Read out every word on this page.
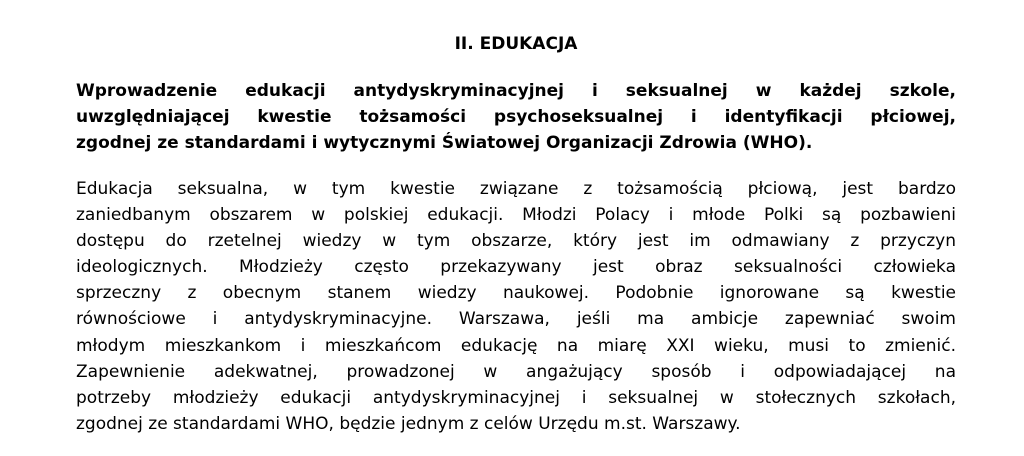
II. EDUKACJA

Wprowadzenie edukacji antydyskryminacyjnej i seksualnej w każdej szkole,
uwzględniającej kwestie tożsamości psychoseksualnej i identyfikacji płciowej,
zgodnej ze standardami i wytycznymi Światowej Organizacji Zdrowia (WHO).

Edukacja seksualna, w tym kwestie związane z tożsamością płciową, jest bardzo
zaniedbanym obszarem w polskiej edukacji. Młodzi Polacy i młode Polki są pozbawieni
dostępu do rzetelnej wiedzy w tym obszarze, który jest im odmawiany z przyczyn
ideologicznych. Młodzieży często przekazywany jest obraz seksualności człowieka
sprzeczny z obecnym stanem wiedzy naukowej. Podobnie ignorowane są kwestie
równościowe i antydyskryminacyjne. Warszawa, jeśli ma ambicje zapewniać swoim
młodym mieszkankom i mieszkańcom edukację na miarę XXI wieku, musi to zmienić.
Zapewnienie adekwatnej, prowadzonej w angażujący sposób i odpowiadającej na
potrzeby młodzieży edukacji antydyskryminacyjnej i seksualnej w stołecznych szkołach,
zgodnej ze standardami WHO, będzie jednym z celów Urzędu m.st. Warszawy.
